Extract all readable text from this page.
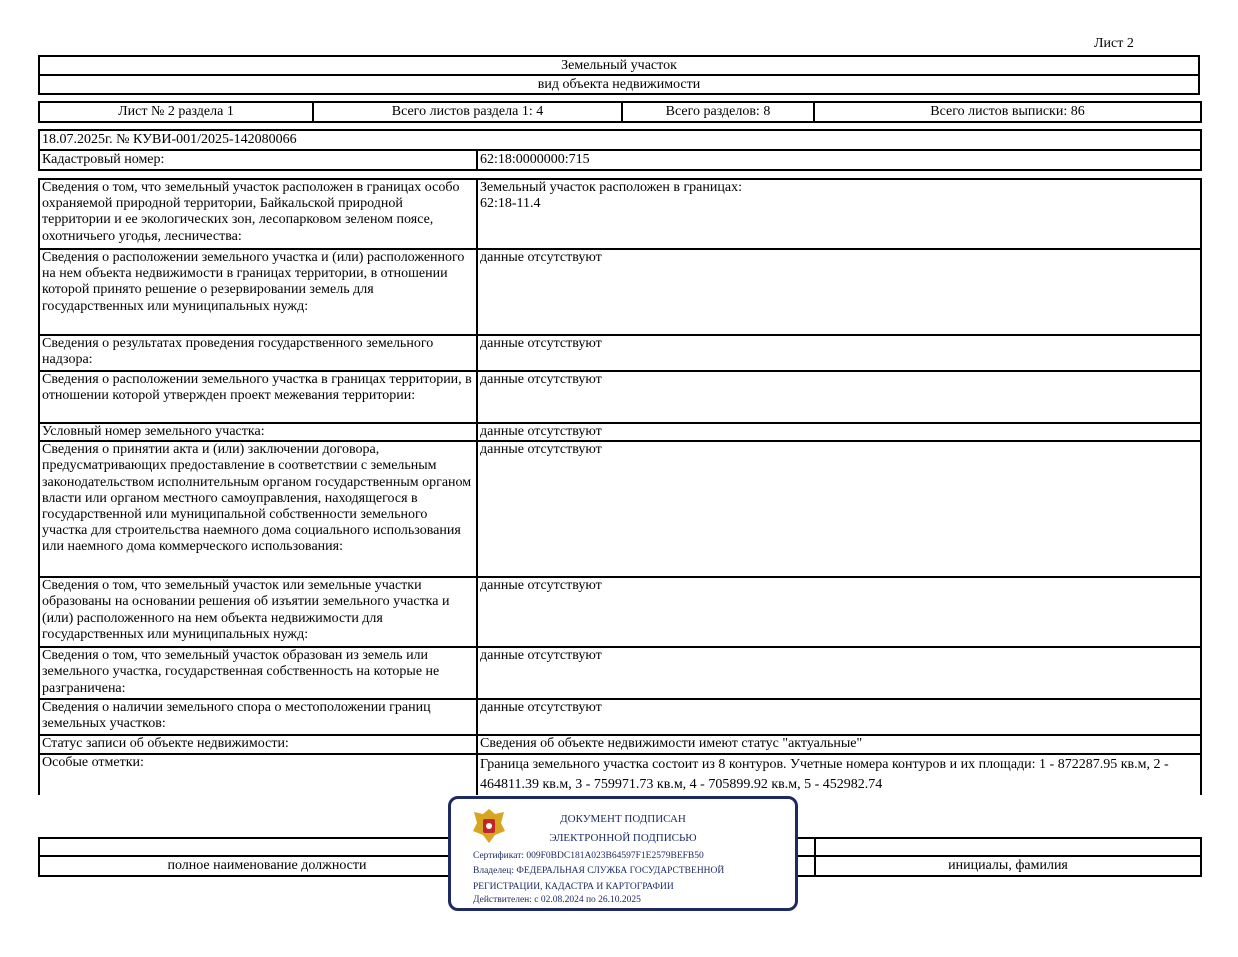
Лист 2
Земельный участок
вид объекта недвижимости
Лист № 2 раздела 1	Всего листов раздела 1: 4	Всего разделов: 8	Всего листов выписки: 86
18.07.2025г. № КУВИ-001/2025-142080066
Кадастровый номер:	62:18:0000000:715
Сведения о том, что земельный участок расположен в границах особо охраняемой природной территории, Байкальской природной территории и ее экологических зон, лесопарковом зеленом поясе, охотничьего угодья, лесничества:	Земельный участок расположен в границах:
62:18-11.4
Сведения о расположении земельного участка и (или) расположенного на нем объекта недвижимости в границах территории, в отношении которой принято решение о резервировании земель для государственных или муниципальных нужд:	данные отсутствуют
Сведения о результатах проведения государственного земельного надзора:	данные отсутствуют
Сведения о расположении земельного участка в границах территории, в отношении которой утвержден проект межевания территории:	данные отсутствуют
Условный номер земельного участка:	данные отсутствуют
Сведения о принятии акта и (или) заключении договора, предусматривающих предоставление в соответствии с земельным законодательством исполнительным органом государственным органом власти или органом местного самоуправления, находящегося в государственной или муниципальной собственности земельного участка для строительства наемного дома социального использования или наемного дома коммерческого использования:	данные отсутствуют
Сведения о том, что земельный участок или земельные участки образованы на основании решения об изъятии земельного участка и (или) расположенного на нем объекта недвижимости для государственных или муниципальных нужд:	данные отсутствуют
Сведения о том, что земельный участок образован из земель или земельного участка, государственная собственность на которые не разграничена:	данные отсутствуют
Сведения о наличии земельного спора о местоположении границ земельных участков:	данные отсутствуют
Статус записи об объекте недвижимости:	Сведения об объекте недвижимости имеют статус "актуальные"
Особые отметки:	Граница земельного участка состоит из 8 контуров. Учетные номера контуров и их площади: 1 - 872287.95 кв.м, 2 - 464811.39 кв.м, 3 - 759971.73 кв.м, 4 - 705899.92 кв.м, 5 - 452982.74

полное наименование должности		инициалы, фамилия
ДОКУМЕНТ ПОДПИСАН
ЭЛЕКТРОННОЙ ПОДПИСЬЮ
Сертификат: 009F0BDC181A023B64597F1E2579BEFB50
Владелец: ФЕДЕРАЛЬНАЯ СЛУЖБА ГОСУДАРСТВЕННОЙ
РЕГИСТРАЦИИ, КАДАСТРА И КАРТОГРАФИИ
Действителен: с 02.08.2024 по 26.10.2025
